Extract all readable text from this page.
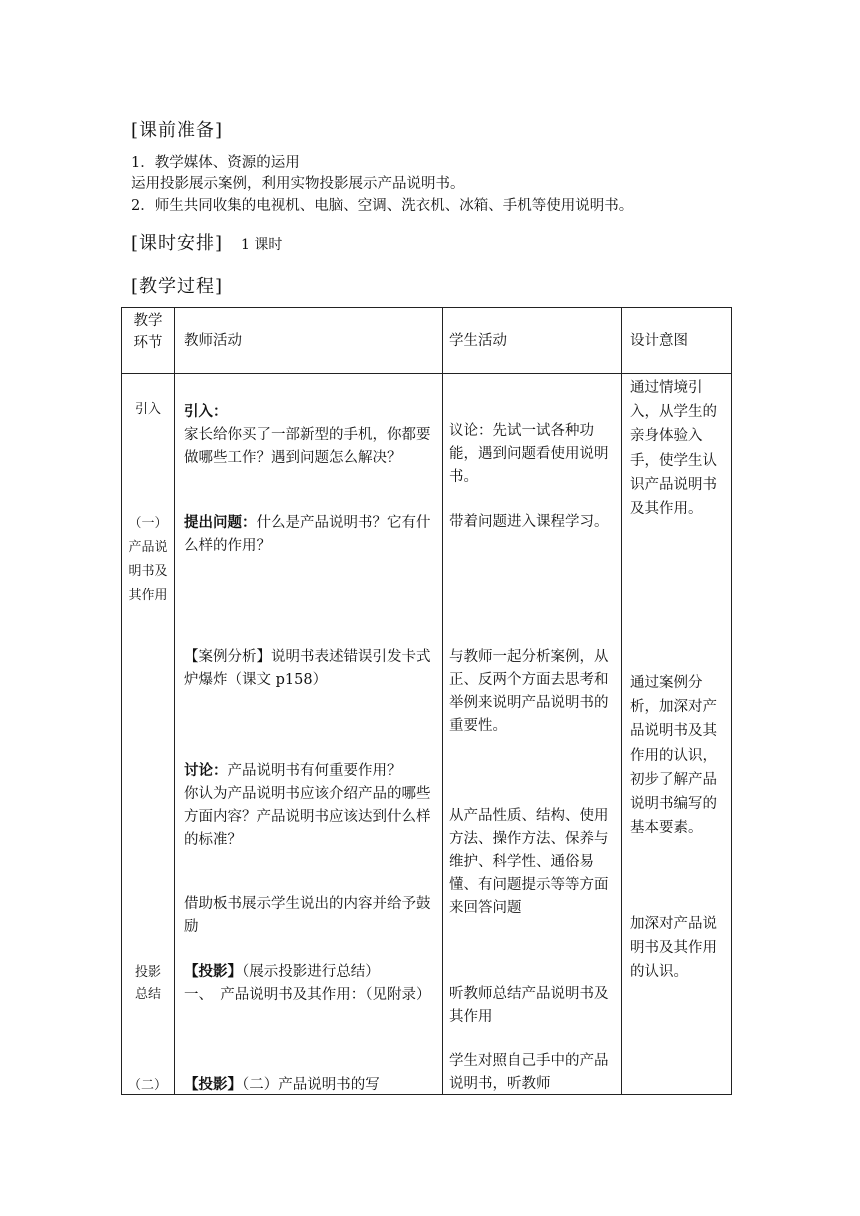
[课前准备]
1．教学媒体、资源的运用
运用投影展示案例，利用实物投影展示产品说明书。
2．师生共同收集的电视机、电脑、空调、洗衣机、冰箱、手机等使用说明书。
[课时安排] 1 课时
[教学过程]
教学环节 教师活动	学生活动	设计意图
引入
（一）产品说明书及其作用
投影总结
（二）
引入：
家长给你买了一部新型的手机，你都要做哪些工作？遇到问题怎么解决？
提出问题：什么是产品说明书？它有什么样的作用？
【案例分析】说明书表述错误引发卡式炉爆炸（课文 p158）
讨论：产品说明书有何重要作用？
你认为产品说明书应该介绍产品的哪些方面内容？产品说明书应该达到什么样的标准？
借助板书展示学生说出的内容并给予鼓励
【投影】（展示投影进行总结）
一、　产品说明书及其作用：（见附录）
【投影】（二）产品说明书的写
议论：先试一试各种功能，遇到问题看使用说明书。
带着问题进入课程学习。
与教师一起分析案例，从正、反两个方面去思考和举例来说明产品说明书的重要性。
从产品性质、结构、使用方法、操作方法、保养与维护、科学性、通俗易懂、有问题提示等等方面来回答问题
听教师总结产品说明书及其作用
学生对照自己手中的产品说明书，听教师
通过情境引入，从学生的亲身体验入手，使学生认识产品说明书及其作用。
通过案例分析，加深对产品说明书及其作用的认识，初步了解产品说明书编写的基本要素。
加深对产品说明书及其作用的认识。
